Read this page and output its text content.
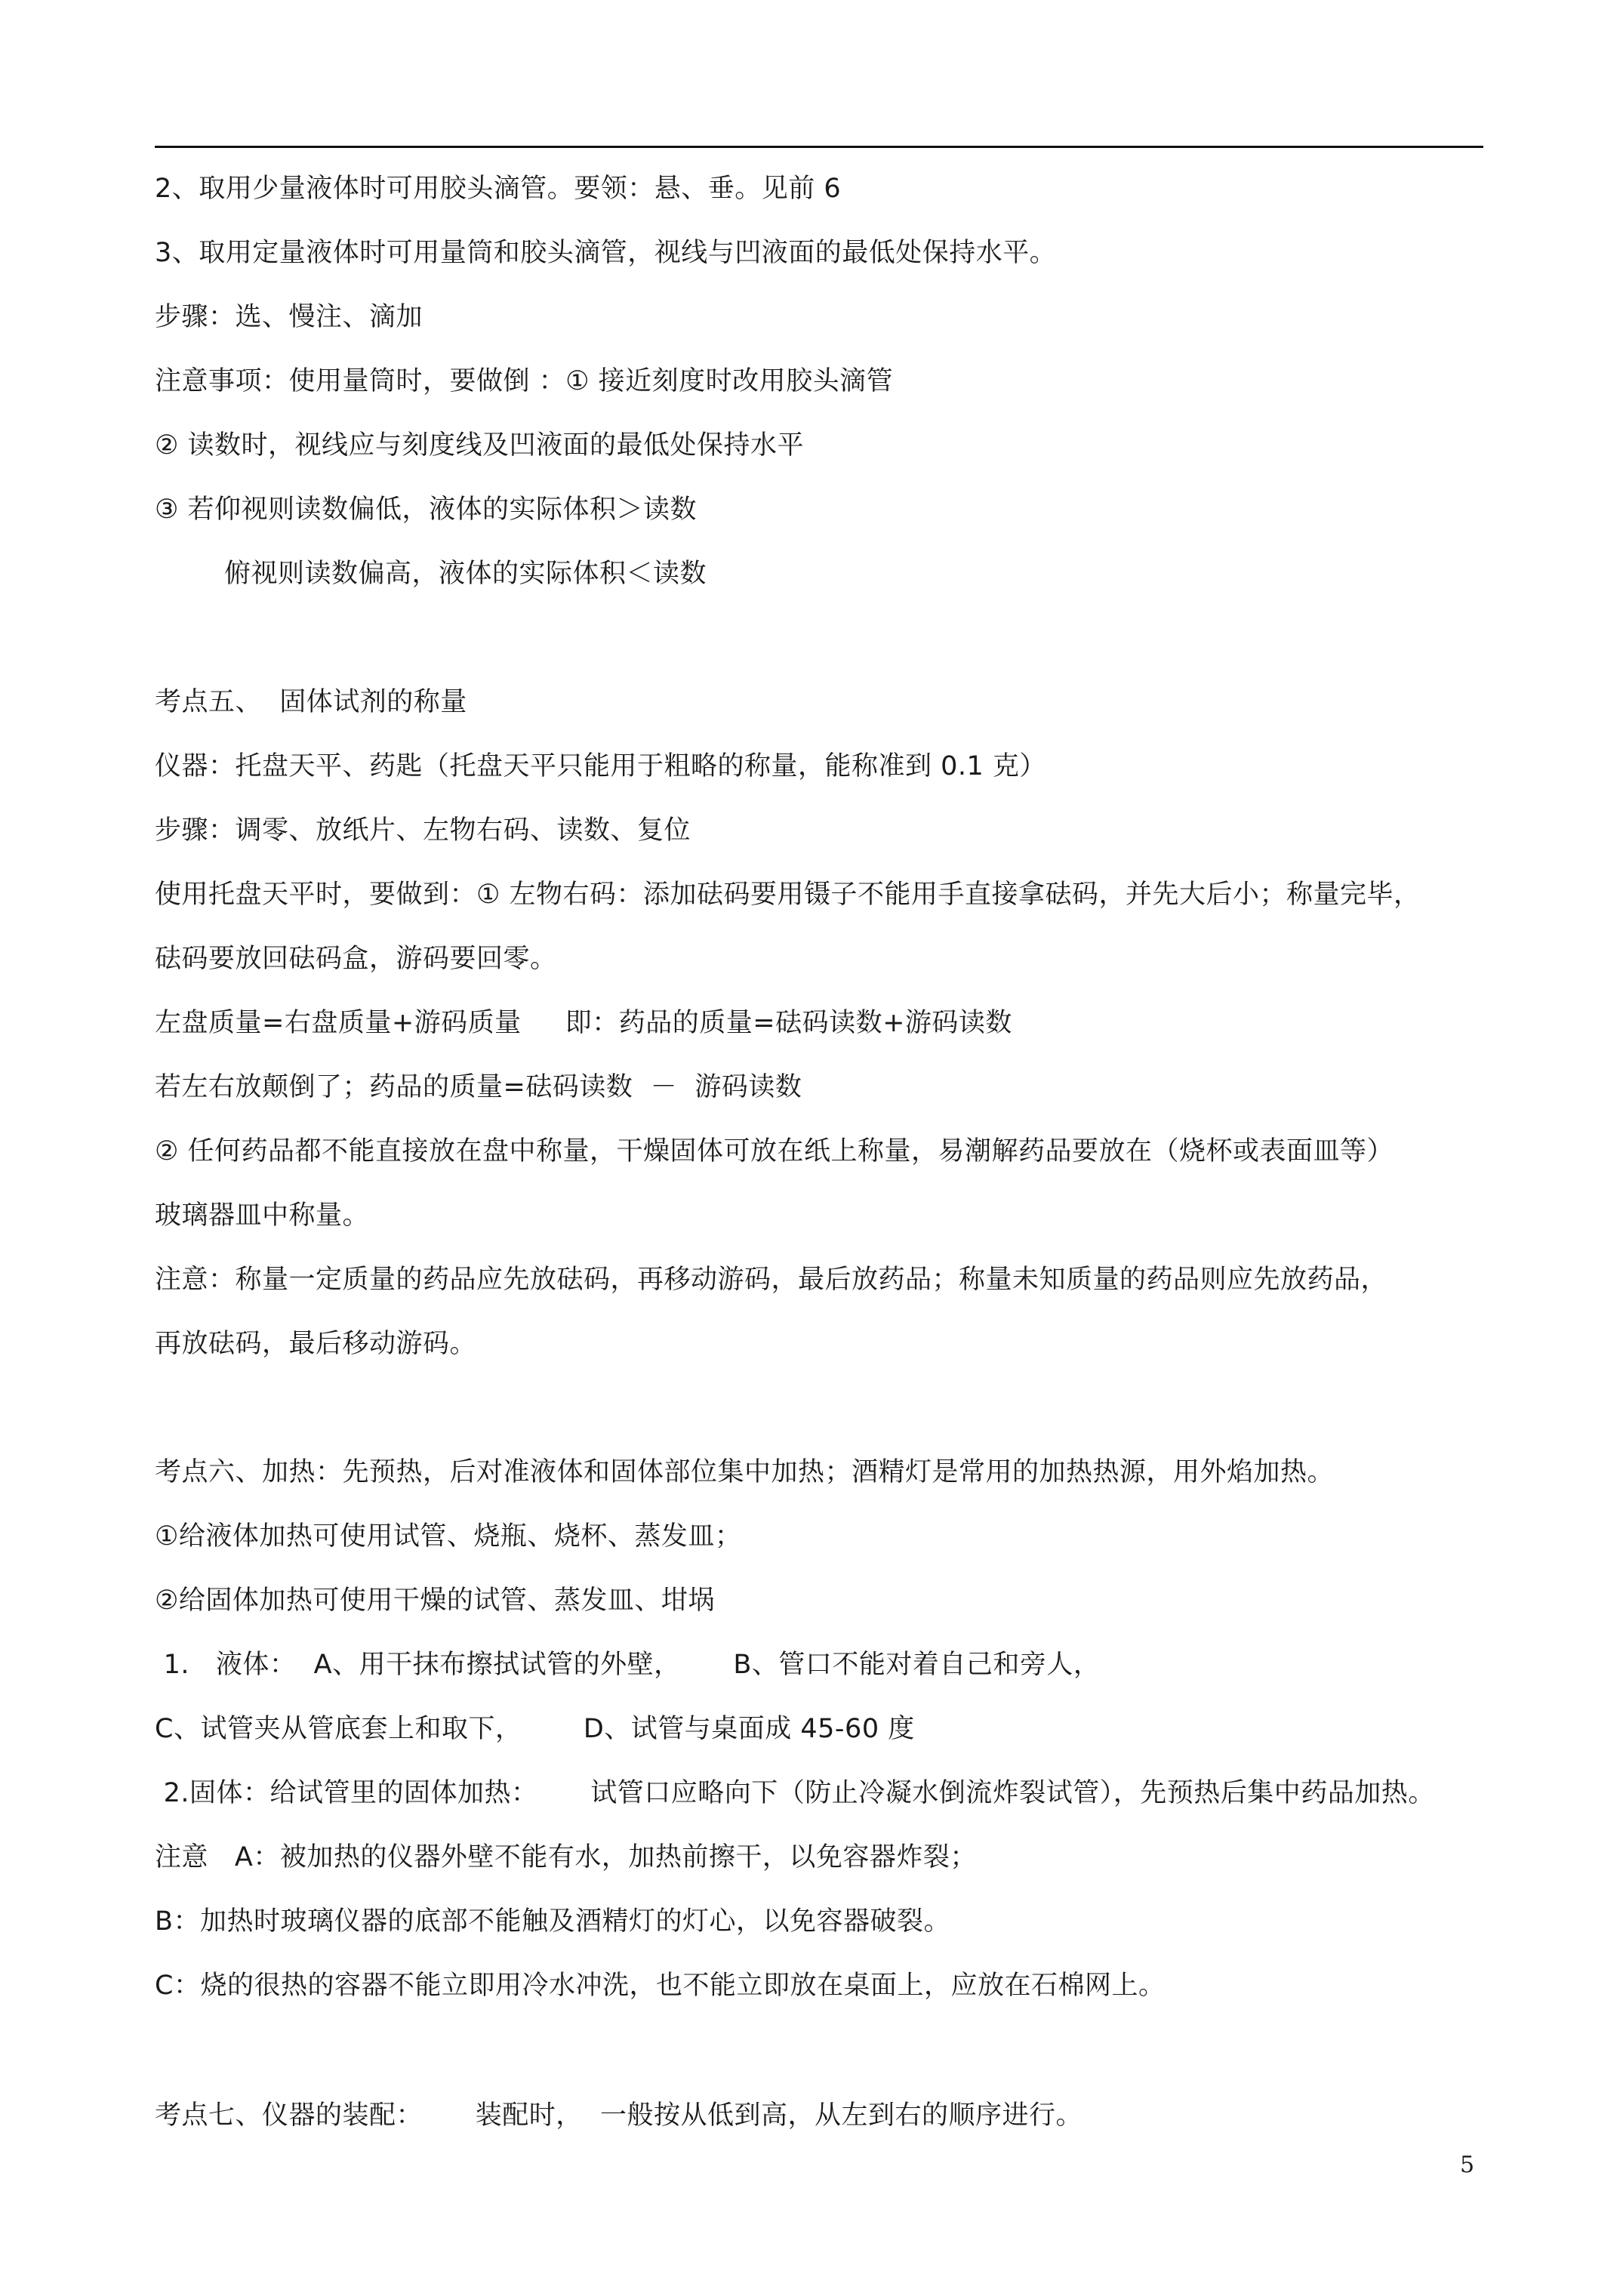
2、取用少量液体时可用胶头滴管。要领：悬、垂。见前 6
3、取用定量液体时可用量筒和胶头滴管，视线与凹液面的最低处保持水平。
步骤：选、慢注、滴加
注意事项：使用量筒时，要做倒 ：① 接近刻度时改用胶头滴管
② 读数时，视线应与刻度线及凹液面的最低处保持水平
③ 若仰视则读数偏低，液体的实际体积＞读数
俯视则读数偏高，液体的实际体积＜读数
考点五、  固体试剂的称量
仪器：托盘天平、药匙（托盘天平只能用于粗略的称量，能称准到 0.1 克）
步骤：调零、放纸片、左物右码、读数、复位
使用托盘天平时，要做到：① 左物右码：添加砝码要用镊子不能用手直接拿砝码，并先大后小；称量完毕，
砝码要放回砝码盒，游码要回零。
左盘质量=右盘质量+游码质量     即：药品的质量=砝码读数+游码读数
若左右放颠倒了；药品的质量=砝码读数  －  游码读数
② 任何药品都不能直接放在盘中称量，干燥固体可放在纸上称量，易潮解药品要放在（烧杯或表面皿等）
玻璃器皿中称量。
注意：称量一定质量的药品应先放砝码，再移动游码，最后放药品；称量未知质量的药品则应先放药品，
再放砝码，最后移动游码。
考点六、加热：先预热，后对准液体和固体部位集中加热；酒精灯是常用的加热热源，用外焰加热。
①给液体加热可使用试管、烧瓶、烧杯、蒸发皿；
②给固体加热可使用干燥的试管、蒸发皿、坩埚
1.   液体：  A、用干抹布擦拭试管的外壁，      B、管口不能对着自己和旁人，
C、试管夹从管底套上和取下，       D、试管与桌面成 45-60 度
2.固体：给试管里的固体加热：      试管口应略向下（防止冷凝水倒流炸裂试管），先预热后集中药品加热。
注意   A：被加热的仪器外壁不能有水，加热前擦干，以免容器炸裂；
B：加热时玻璃仪器的底部不能触及酒精灯的灯心，以免容器破裂。
C：烧的很热的容器不能立即用冷水冲洗，也不能立即放在桌面上，应放在石棉网上。
考点七、仪器的装配：      装配时，  一般按从低到高，从左到右的顺序进行。
5
